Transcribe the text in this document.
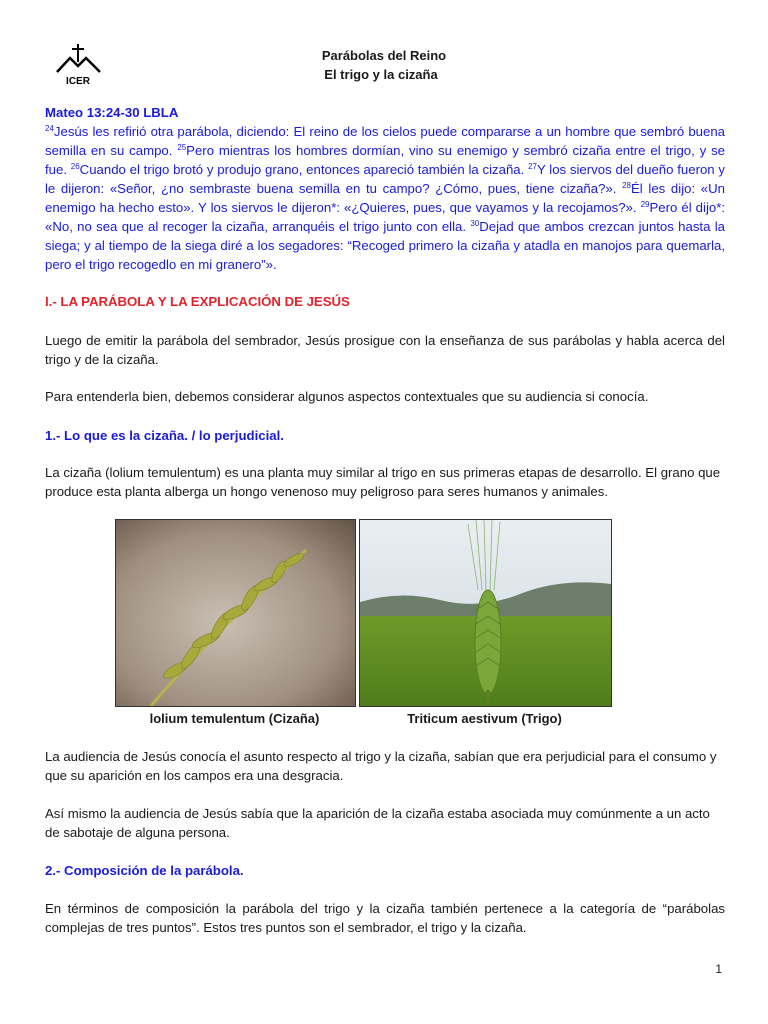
ICER
Parábolas del Reino
El trigo y la cizaña

Mateo 13:24-30 LBLA

$^{24}$Jesús les refirió otra parábola, diciendo: El reino de los cielos puede compararse a un hombre que sembró buena semilla en su campo. $^{25}$Pero mientras los hombres dormían, vino su enemigo y sembró cizaña entre el trigo, y se fue. $^{26}$Cuando el trigo brotó y produjo grano, entonces apareció también la cizaña. $^{27}$Y los siervos del dueño fueron y le dijeron: «Señor, ¿no sembraste buena semilla en tu campo? ¿Cómo, pues, tiene cizaña?». $^{28}$Él les dijo: «Un enemigo ha hecho esto». Y los siervos le dijeron*: «¿Quieres, pues, que vayamos y la recojamos?». $^{29}$Pero él dijo*: «No, no sea que al recoger la cizaña, arranquéis el trigo junto con ella. $^{30}$Dejad que ambos crezcan juntos hasta la siega; y al tiempo de la siega diré a los segadores: “Recoged primero la cizaña y atadla en manojos para quemarla, pero el trigo recogedlo en mi granero”».

I.- LA PARÁBOLA Y LA EXPLICACIÓN DE JESÚS
Luego de emitir la parábola del sembrador, Jesús prosigue con la enseñanza de sus parábolas y habla acerca del trigo y de la cizaña.
Para entenderla bien, debemos considerar algunos aspectos contextuales que su audiencia si conocía.
1.- Lo que es la cizaña. / lo perjudicial.
La cizaña (lolium temulentum) es una planta muy similar al trigo en sus primeras etapas de desarrollo. El grano que produce esta planta alberga un hongo venenoso muy peligroso para seres humanos y animales.
lolium temulentum (Cizaña)	Triticum aestivum (Trigo)
La audiencia de Jesús conocía el asunto respecto al trigo y la cizaña, sabían que era perjudicial para el consumo y que su aparición en los campos era una desgracia.
Así mismo la audiencia de Jesús sabía que la aparición de la cizaña estaba asociada muy comúnmente a un acto de sabotaje de alguna persona.
2.- Composición de la parábola.
En términos de composición la parábola del trigo y la cizaña también pertenece a la categoría de “parábolas complejas de tres puntos”. Estos tres puntos son el sembrador, el trigo y la cizaña.
1
